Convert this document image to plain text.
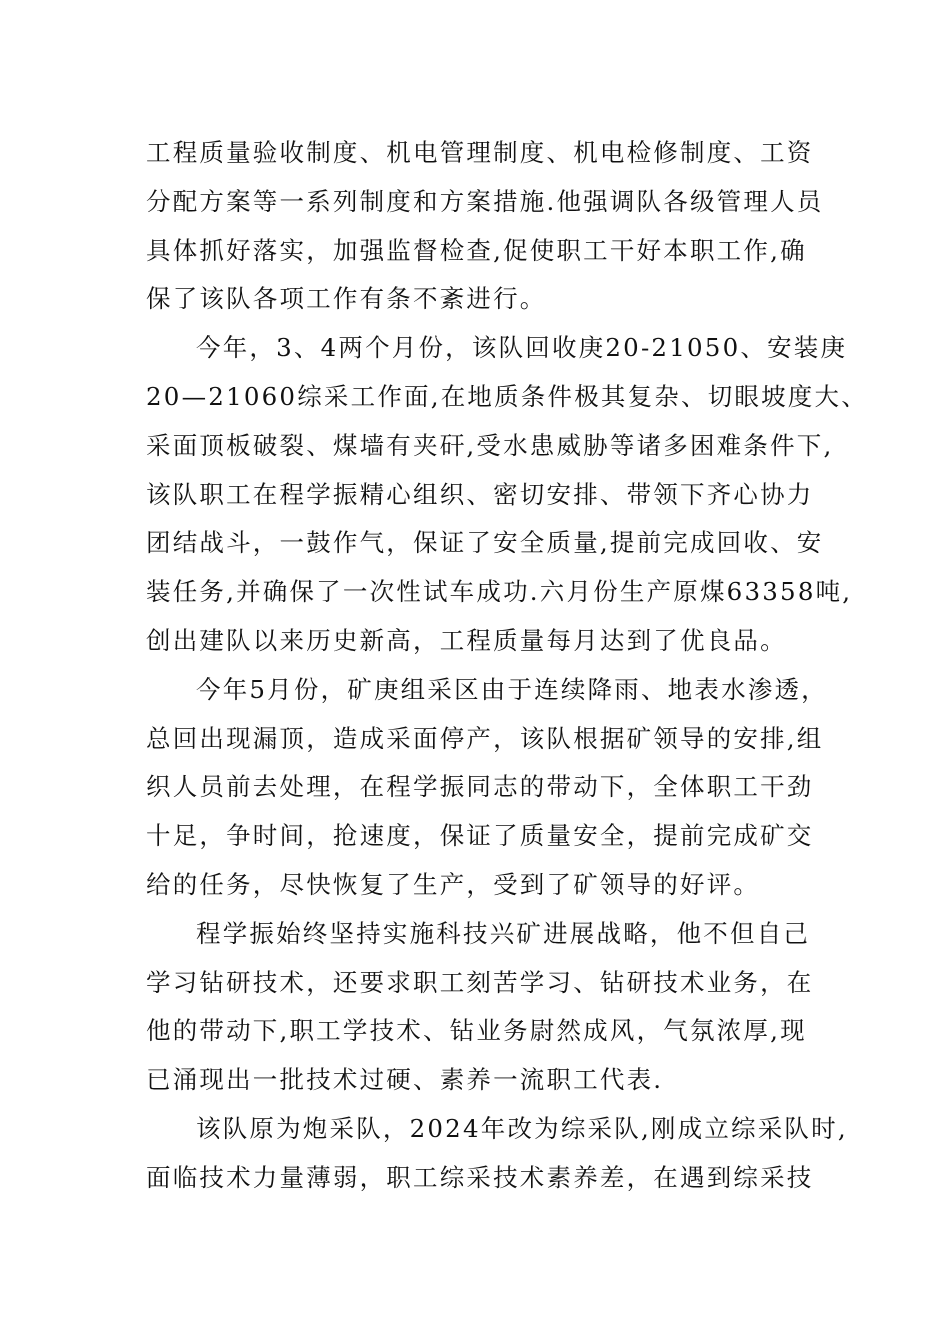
工程质量验收制度、机电管理制度、机电检修制度、工资
分配方案等一系列制度和方案措施.他强调队各级管理人员
具体抓好落实，加强监督检查,促使职工干好本职工作,确
保了该队各项工作有条不紊进行。
今年，3、4两个月份，该队回收庚20-21050、安装庚
20—21060综采工作面,在地质条件极其复杂、切眼坡度大、
采面顶板破裂、煤墙有夹矸,受水患威胁等诸多困难条件下,
该队职工在程学振精心组织、密切安排、带领下齐心协力
团结战斗，一鼓作气，保证了安全质量,提前完成回收、安
装任务,并确保了一次性试车成功.六月份生产原煤63358吨,
创出建队以来历史新高，工程质量每月达到了优良品。
今年5月份，矿庚组采区由于连续降雨、地表水渗透，
总回出现漏顶，造成采面停产，该队根据矿领导的安排,组
织人员前去处理，在程学振同志的带动下，全体职工干劲
十足，争时间，抢速度，保证了质量安全，提前完成矿交
给的任务，尽快恢复了生产，受到了矿领导的好评。
程学振始终坚持实施科技兴矿进展战略，他不但自己
学习钻研技术，还要求职工刻苦学习、钻研技术业务，在
他的带动下,职工学技术、钻业务尉然成风，气氛浓厚,现
已涌现出一批技术过硬、素养一流职工代表.
该队原为炮采队，2024年改为综采队,刚成立综采队时,
面临技术力量薄弱，职工综采技术素养差，在遇到综采技
